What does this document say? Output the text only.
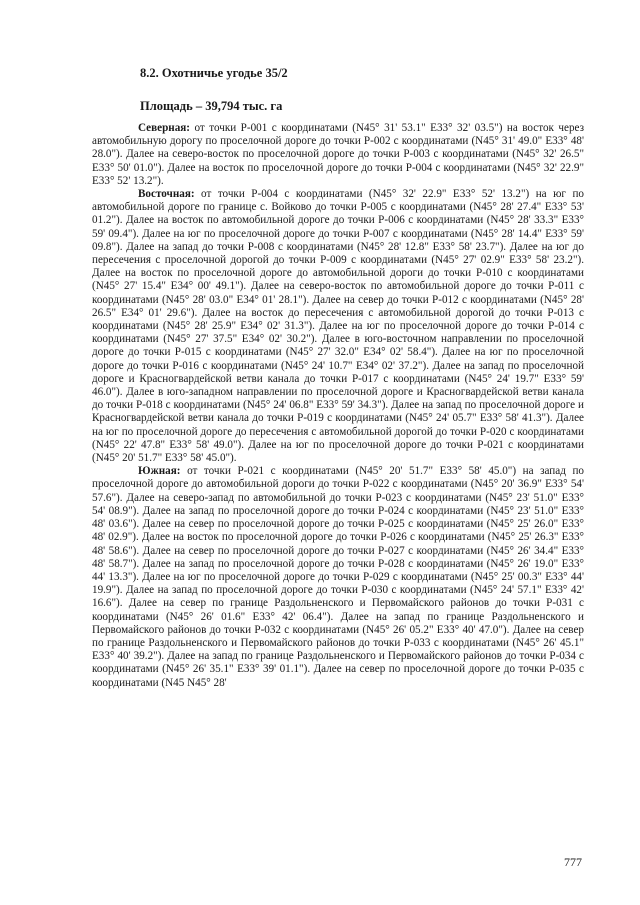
8.2. Охотничье угодье 35/2
Площадь – 39,794 тыс. га

Северная: от точки Р-001 с координатами (N45° 31' 53.1" E33° 32' 03.5") на восток через автомобильную дорогу по проселочной дороге до точки Р-002 с координатами (N45° 31' 49.0" E33° 48' 28.0"). Далее на северо-восток по проселочной дороге до точки Р-003 с координатами (N45° 32' 26.5" E33° 50' 01.0"). Далее на восток по проселочной дороге до точки Р-004 с координатами (N45° 32' 22.9" E33° 52' 13.2").

Восточная: от точки Р-004 с координатами (N45° 32' 22.9" E33° 52' 13.2") на юг по автомобильной дороге по границе с. Войково до точки Р-005 с координатами (N45° 28' 27.4" E33° 53' 01.2"). Далее на восток по автомобильной дороге до точки Р-006 с координатами (N45° 28' 33.3" E33° 59' 09.4"). Далее на юг по проселочной дороге до точки Р-007 с координатами (N45° 28' 14.4" E33° 59' 09.8"). Далее на запад до точки Р-008 с координатами (N45° 28' 12.8" E33° 58' 23.7"). Далее на юг до пересечения с проселочной дорогой до точки Р-009 с координатами (N45° 27' 02.9" E33° 58' 23.2"). Далее на восток по проселочной дороге до автомобильной дороги до точки Р-010 с координатами (N45° 27' 15.4" E34° 00' 49.1"). Далее на северо-восток по автомобильной дороге до точки Р-011 с координатами (N45° 28' 03.0" E34° 01' 28.1"). Далее на север до точки Р-012 с координатами (N45° 28' 26.5" E34° 01' 29.6"). Далее на восток до пересечения с автомобильной дорогой до точки Р-013 с координатами (N45° 28' 25.9" E34° 02' 31.3"). Далее на юг по проселочной дороге до точки Р-014 с координатами (N45° 27' 37.5" E34° 02' 30.2"). Далее в юго-восточном направлении по проселочной дороге до точки Р-015 с координатами (N45° 27' 32.0" E34° 02' 58.4"). Далее на юг по проселочной дороге до точки Р-016 с координатами (N45° 24' 10.7" E34° 02' 37.2"). Далее на запад по проселочной дороге и Красногвардейской ветви канала до точки Р-017 с координатами (N45° 24' 19.7" E33° 59' 46.0"). Далее в юго-западном направлении по проселочной дороге и Красногвардейской ветви канала до точки Р-018 с координатами (N45° 24' 06.8" E33° 59' 34.3"). Далее на запад по проселочной дороге и Красногвардейской ветви канала до точки Р-019 с координатами (N45° 24' 05.7" E33° 58' 41.3"). Далее на юг по проселочной дороге до пересечения с автомобильной дорогой до точки Р-020 с координатами (N45° 22' 47.8" E33° 58' 49.0"). Далее на юг по проселочной дороге до точки Р-021 с координатами (N45° 20' 51.7" E33° 58' 45.0").

Южная: от точки Р-021 с координатами (N45° 20' 51.7" E33° 58' 45.0") на запад по проселочной дороге до автомобильной дороги до точки Р-022 с координатами (N45° 20' 36.9" E33° 54' 57.6"). Далее на северо-запад по автомобильной до точки Р-023 с координатами (N45° 23' 51.0" E33° 54' 08.9"). Далее на запад по проселочной дороге до точки Р-024 с координатами (N45° 23' 51.0" E33° 48' 03.6"). Далее на север по проселочной дороге до точки Р-025 с координатами (N45° 25' 26.0" E33° 48' 02.9"). Далее на восток по проселочной дороге до точки Р-026 с координатами (N45° 25' 26.3" E33° 48' 58.6"). Далее на север по проселочной дороге до точки Р-027 с координатами (N45° 26' 34.4" E33° 48' 58.7"). Далее на запад по проселочной дороге до точки Р-028 с координатами (N45° 26' 19.0" E33° 44' 13.3"). Далее на юг по проселочной дороге до точки Р-029 с координатами (N45° 25' 00.3" E33° 44' 19.9"). Далее на запад по проселочной дороге до точки Р-030 с координатами (N45° 24' 57.1" E33° 42' 16.6"). Далее на север по границе Раздольненского и Первомайского районов до точки Р-031 с координатами (N45° 26' 01.6" E33° 42' 06.4"). Далее на запад по границе Раздольненского и Первомайского районов до точки Р-032 с координатами (N45° 26' 05.2" E33° 40' 47.0"). Далее на север по границе Раздольненского и Первомайского районов до точки Р-033 с координатами (N45° 26' 45.1" E33° 40' 39.2"). Далее на запад по границе Раздольненского и Первомайского районов до точки Р-034 с координатами (N45° 26' 35.1" E33° 39' 01.1"). Далее на север по проселочной дороге до точки Р-035 с координатами (N45 N45° 28'

777
